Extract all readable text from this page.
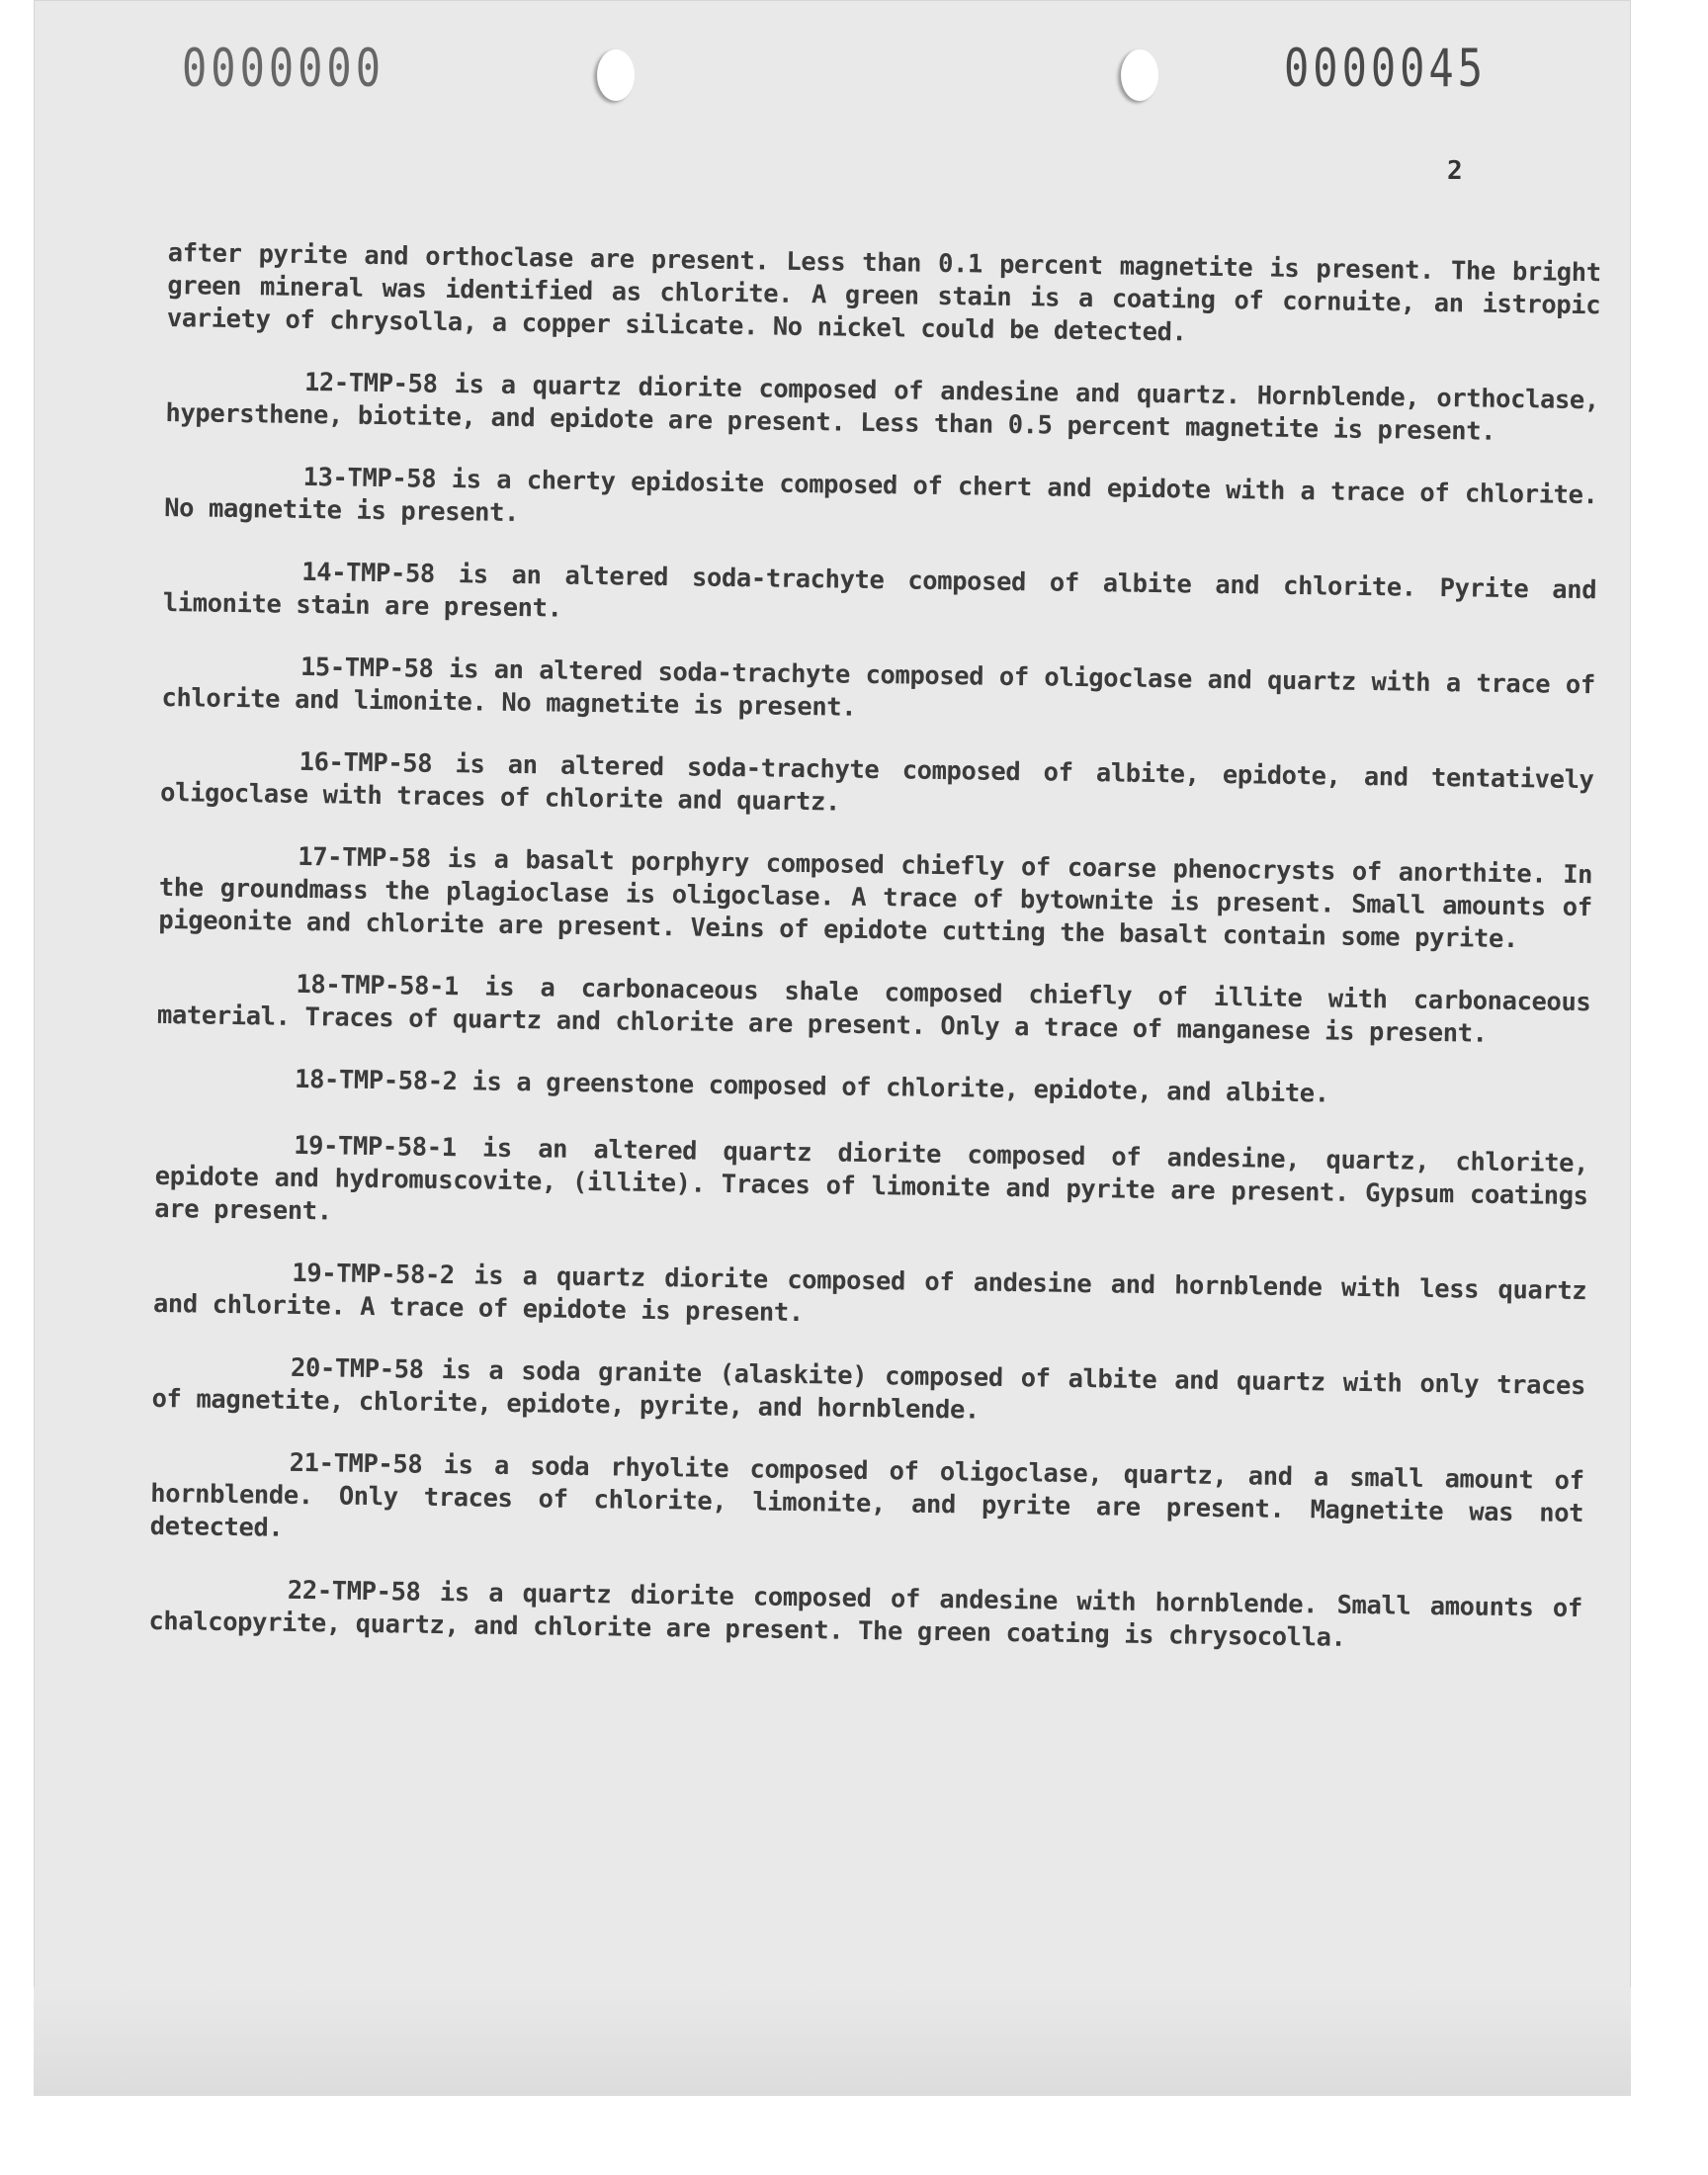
0000000	0000045
2

after pyrite and orthoclase are present. Less than 0.1 percent magnetite is present. The bright green mineral was identified as chlorite. A green stain is a coating of cornuite, an istropic variety of chrysolla, a copper silicate. No nickel could be detected.

12-TMP-58 is a quartz diorite composed of andesine and quartz. Hornblende, orthoclase, hypersthene, biotite, and epidote are present. Less than 0.5 percent magnetite is present.

13-TMP-58 is a cherty epidosite composed of chert and epidote with a trace of chlorite. No magnetite is present.

14-TMP-58 is an altered soda-trachyte composed of albite and chlorite. Pyrite and limonite stain are present.

15-TMP-58 is an altered soda-trachyte composed of oligoclase and quartz with a trace of chlorite and limonite. No magnetite is present.

16-TMP-58 is an altered soda-trachyte composed of albite, epidote, and tentatively oligoclase with traces of chlorite and quartz.

17-TMP-58 is a basalt porphyry composed chiefly of coarse phenocrysts of anorthite. In the groundmass the plagioclase is oligoclase. A trace of bytownite is present. Small amounts of pigeonite and chlorite are present. Veins of epidote cutting the basalt contain some pyrite.

18-TMP-58-1 is a carbonaceous shale composed chiefly of illite with carbonaceous material. Traces of quartz and chlorite are present. Only a trace of manganese is present.

18-TMP-58-2 is a greenstone composed of chlorite, epidote, and albite.

19-TMP-58-1 is an altered quartz diorite composed of andesine, quartz, chlorite, epidote and hydromuscovite, (illite). Traces of limonite and pyrite are present. Gypsum coatings are present.

19-TMP-58-2 is a quartz diorite composed of andesine and hornblende with less quartz and chlorite. A trace of epidote is present.

20-TMP-58 is a soda granite (alaskite) composed of albite and quartz with only traces of magnetite, chlorite, epidote, pyrite, and hornblende.

21-TMP-58 is a soda rhyolite composed of oligoclase, quartz, and a small amount of hornblende. Only traces of chlorite, limonite, and pyrite are present. Magnetite was not detected.

22-TMP-58 is a quartz diorite composed of andesine with hornblende. Small amounts of chalcopyrite, quartz, and chlorite are present. The green coating is chrysocolla.
